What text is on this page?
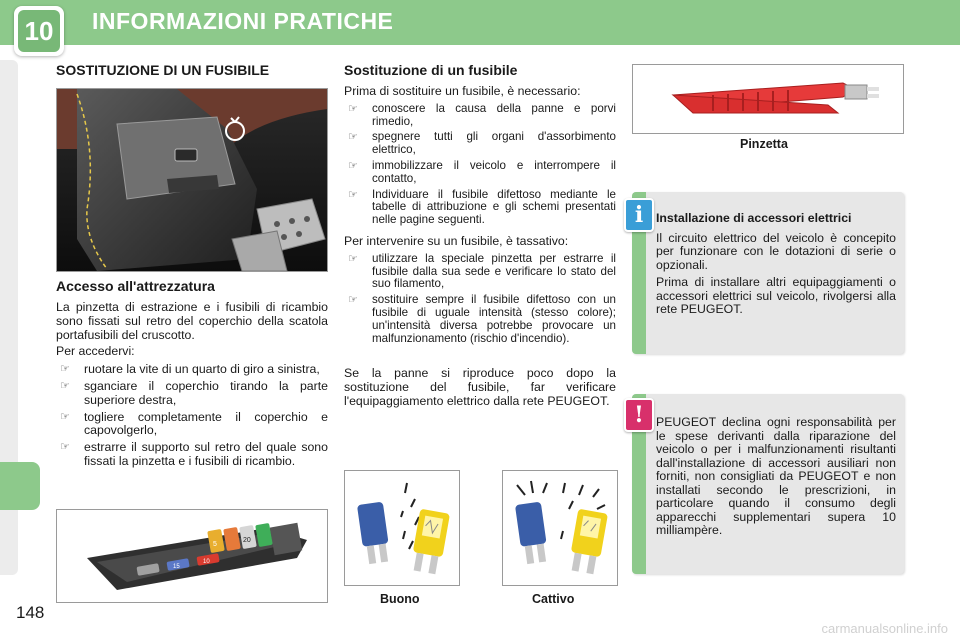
10 INFORMAZIONI PRATICHE
148
SOSTITUZIONE DI UN FUSIBILE
Accesso all'attrezzatura

La pinzetta di estrazione e i fusibili di ricambio sono fissati sul retro del coperchio della scatola portafusibili del cruscotto.

Per accedervi:

☞ ruotare la vite di un quarto di giro a sinistra,
☞ sganciare il coperchio tirando la parte superiore destra,
☞ togliere completamente il coperchio e capovolgerlo,
☞ estrarre il supporto sul retro del quale sono fissati la pinzetta e i fusibili di ricambio.
5
20
10
15
Sostituzione di un fusibile

Prima di sostituire un fusibile, è necessario:

☞ conoscere la causa della panne e porvi rimedio,
☞ spegnere tutti gli organi d'assorbimento elettrico,
☞ immobilizzare il veicolo e interrompere il contatto,
☞ Individuare il fusibile difettoso mediante le tabelle di attribuzione e gli schemi presentati nelle pagine seguenti.

Per intervenire su un fusibile, è tassativo:

☞ utilizzare la speciale pinzetta per estrarre il fusibile dalla sua sede e verificare lo stato del suo filamento,
☞ sostituire sempre il fusibile difettoso con un fusibile di uguale intensità (stesso colore); un'intensità diversa potrebbe provocare un malfunzionamento (rischio d'incendio).

Se la panne si riproduce poco dopo la sostituzione del fusibile, far verificare l'equipaggiamento elettrico dalla rete PEUGEOT.

Buono	Cattivo
Pinzetta
Installazione di accessori elettrici

Il circuito elettrico del veicolo è concepito per funzionare con le dotazioni di serie o opzionali.

Prima di installare altri equipaggiamenti o accessori elettrici sul veicolo, rivolgersi alla rete PEUGEOT.

i

PEUGEOT declina ogni responsabilità per le spese derivanti dalla riparazione del veicolo o per i malfunzionamenti risultanti dall'installazione di accessori ausiliari non forniti, non consigliati da PEUGEOT e non installati secondo le prescrizioni, in particolare quando il consumo degli apparecchi supplementari supera 10 milliampère.

!
carmanualsonline.info
